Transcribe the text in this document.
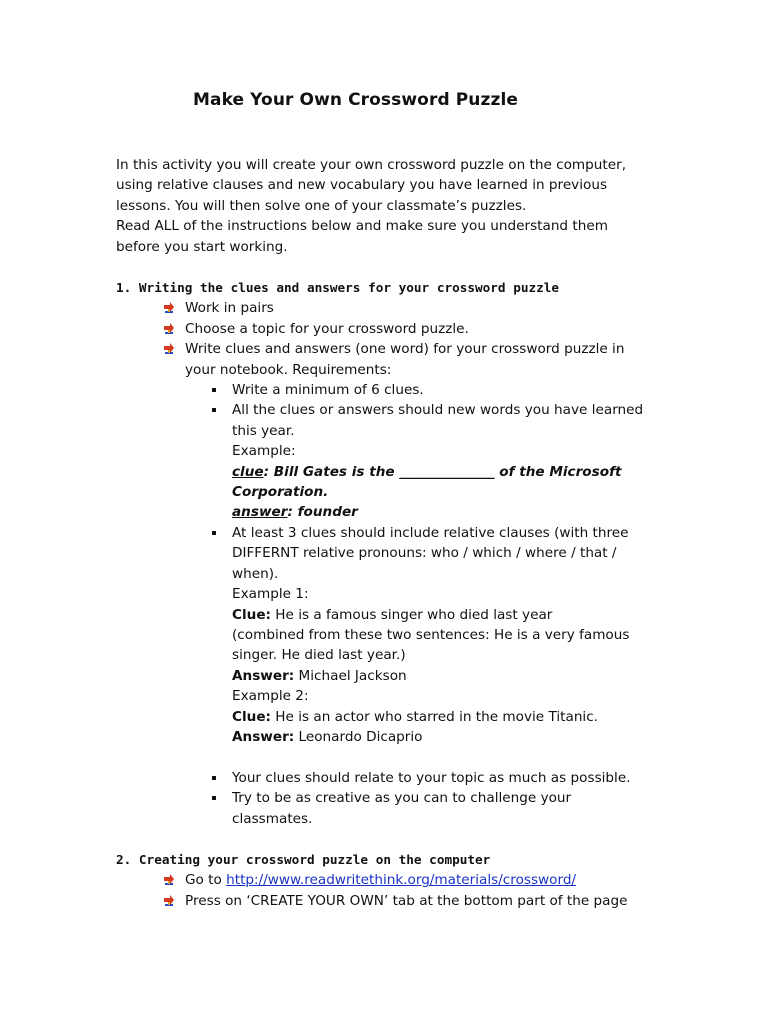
Make Your Own Crossword Puzzle
In this activity you will create your own crossword puzzle on the computer,
using relative clauses and new vocabulary you have learned in previous
lessons. You will then solve one of your classmate’s puzzles.
Read ALL of the instructions below and make sure you understand them
before you start working.
1. Writing the clues and answers for your crossword puzzle
Work in pairs
Choose a topic for your crossword puzzle.
Write clues and answers (one word) for your crossword puzzle in
your notebook. Requirements:
Write a minimum of 6 clues.
All the clues or answers should new words you have learned
this year.
Example:
clue: Bill Gates is the ______________ of the Microsoft
Corporation.
answer: founder
At least 3 clues should include relative clauses (with three
DIFFERNT relative pronouns: who / which / where / that /
when).
Example 1:
Clue: He is a famous singer who died last year
(combined from these two sentences: He is a very famous
singer. He died last year.)
Answer: Michael Jackson
Example 2:
Clue: He is an actor who starred in the movie Titanic.
Answer: Leonardo Dicaprio
Your clues should relate to your topic as much as possible.
Try to be as creative as you can to challenge your
classmates.
2. Creating your crossword puzzle on the computer
Go to http://www.readwritethink.org/materials/crossword/
Press on ‘CREATE YOUR OWN’ tab at the bottom part of the page
